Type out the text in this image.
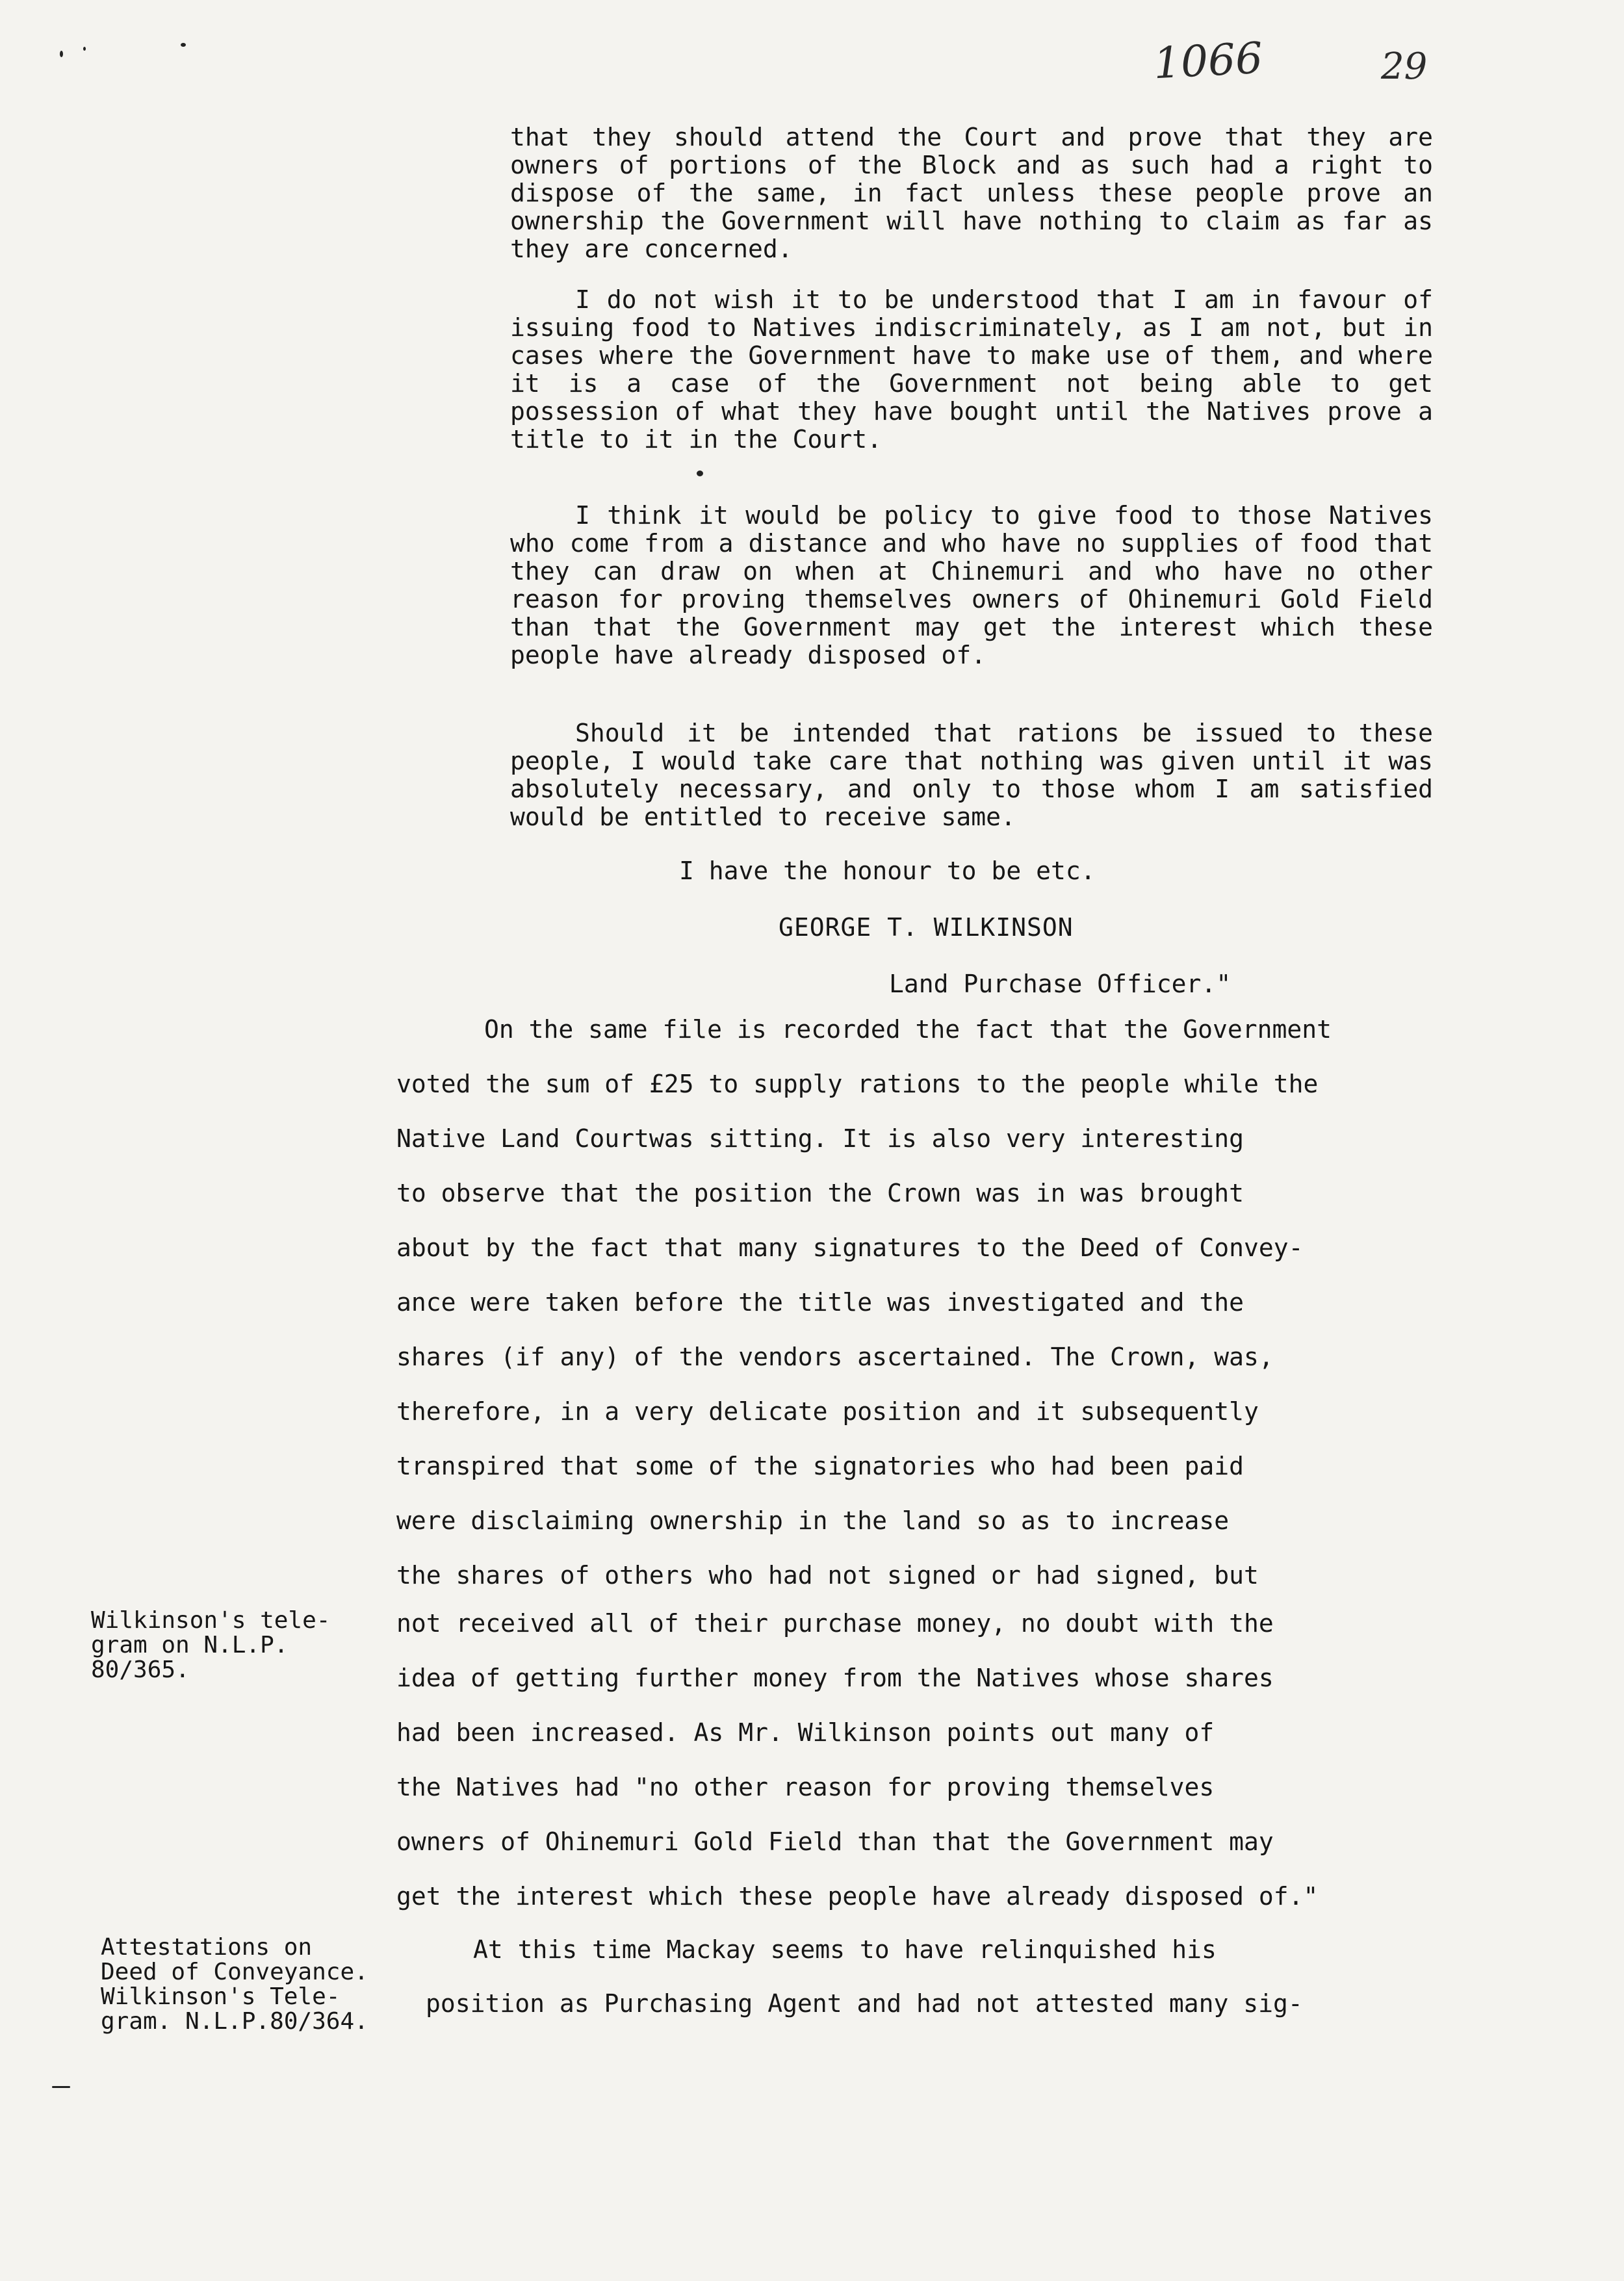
1066	29

that they should attend the Court and prove that they are owners of portions of the Block and as such had a right to dispose of the same, in fact unless these people prove an ownership the Government will have nothing to claim as far as they are concerned.

I do not wish it to be understood that I am in favour of issuing food to Natives indiscriminately, as I am not, but in cases where the Government have to make use of them, and where it is a case of the Government not being able to get possession of what they have bought until the Natives prove a title to it in the Court.

I think it would be policy to give food to those Natives who come from a distance and who have no supplies of food that they can draw on when at Chinemuri and who have no other reason for proving themselves owners of Ohinemuri Gold Field than that the Government may get the interest which these people have already disposed of.

Should it be intended that rations be issued to these people, I would take care that nothing was given until it was absolutely necessary, and only to those whom I am satisfied would be entitled to receive same.

I have the honour to be etc.
GEORGE T. WILKINSON
Land Purchase Officer."
On the same file is recorded the fact that the Government
voted the sum of £25 to supply rations to the people while the
Native Land Courtwas sitting. It is also very interesting
to observe that the position the Crown was in was brought
about by the fact that many signatures to the Deed of Convey-
ance were taken before the title was investigated and the
shares (if any) of the vendors ascertained. The Crown, was,
therefore, in a very delicate position and it subsequently
transpired that some of the signatories who had been paid
were disclaiming ownership in the land so as to increase
the shares of others who had not signed or had signed, but
not received all of their purchase money, no doubt with the
idea of getting further money from the Natives whose shares
had been increased. As Mr. Wilkinson points out many of
the Natives had "no other reason for proving themselves
owners of Ohinemuri Gold Field than that the Government may
get the interest which these people have already disposed of."
At this time Mackay seems to have relinquished his
position as Purchasing Agent and had not attested many sig-
Wilkinson's tele-
gram on N.L.P.
80/365.
Attestations on
Deed of Conveyance.
Wilkinson's Tele-
gram. N.L.P.80/364.
